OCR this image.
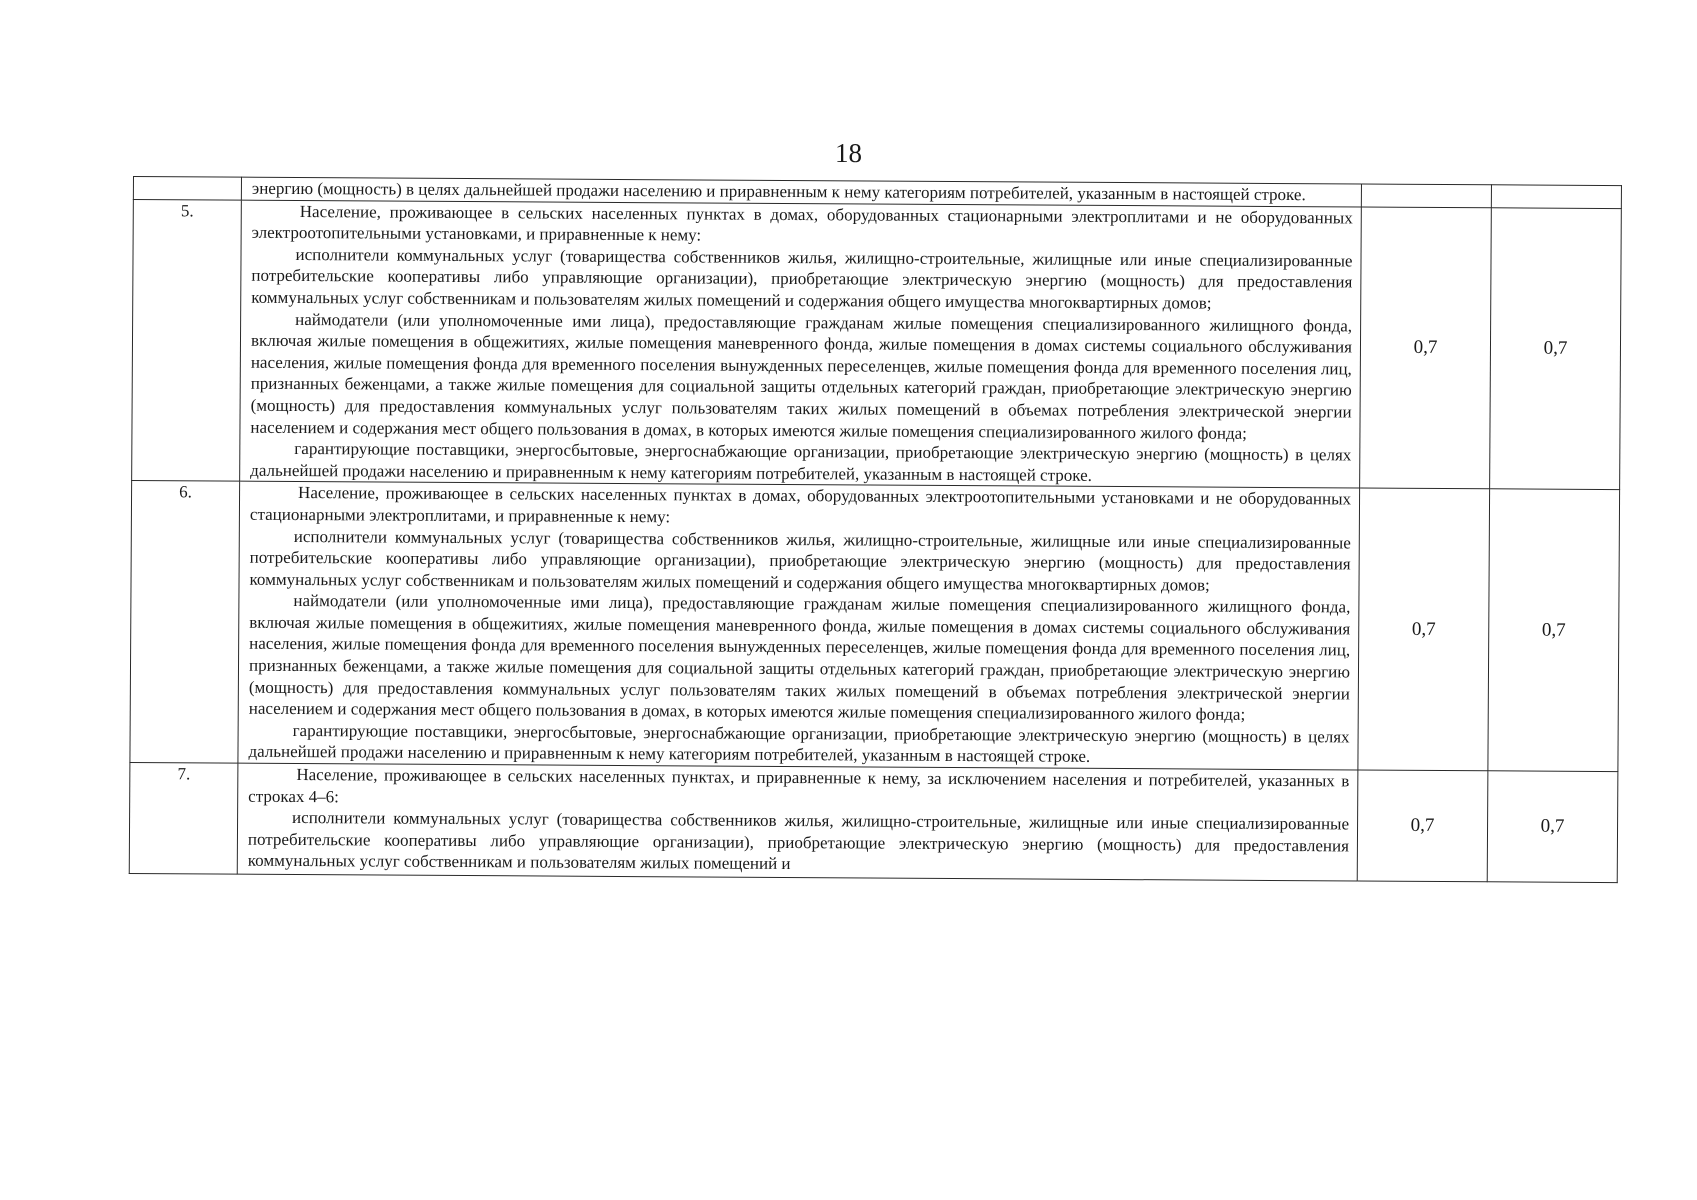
18

	энергию (мощность) в целях дальнейшей продажи населению и приравненным к нему категориям потребителей, указанным в настоящей строке.		

5.	Население, проживающее в сельских населенных пунктах в домах, оборудованных стационарными электроплитами и не оборудованных электроотопительными установками, и приравненные к нему:

исполнители коммунальных услуг (товарищества собственников жилья, жилищно-строительные, жилищные или иные специализированные потребительские кооперативы либо управляющие организации), приобретающие электрическую энергию (мощность) для предоставления коммунальных услуг собственникам и пользователям жилых помещений и содержания общего имущества многоквартирных домов;

наймодатели (или уполномоченные ими лица), предоставляющие гражданам жилые помещения специализированного жилищного фонда, включая жилые помещения в общежитиях, жилые помещения маневренного фонда, жилые помещения в домах системы социального обслуживания населения, жилые помещения фонда для временного поселения вынужденных переселенцев, жилые помещения фонда для временного поселения лиц, признанных беженцами, а также жилые помещения для социальной защиты отдельных категорий граждан, приобретающие электрическую энергию (мощность) для предоставления коммунальных услуг пользователям таких жилых помещений в объемах потребления электрической энергии населением и содержания мест общего пользования в домах, в которых имеются жилые помещения специализированного жилого фонда;

гарантирующие поставщики, энергосбытовые, энергоснабжающие организации, приобретающие электрическую энергию (мощность) в целях дальнейшей продажи населению и приравненным к нему категориям потребителей, указанным в настоящей строке.	0,7	0,7
6.	Население, проживающее в сельских населенных пунктах в домах, оборудованных электроотопительными установками и не оборудованных стационарными электроплитами, и приравненные к нему:

исполнители коммунальных услуг (товарищества собственников жилья, жилищно-строительные, жилищные или иные специализированные потребительские кооперативы либо управляющие организации), приобретающие электрическую энергию (мощность) для предоставления коммунальных услуг собственникам и пользователям жилых помещений и содержания общего имущества многоквартирных домов;

наймодатели (или уполномоченные ими лица), предоставляющие гражданам жилые помещения специализированного жилищного фонда, включая жилые помещения в общежитиях, жилые помещения маневренного фонда, жилые помещения в домах системы социального обслуживания населения, жилые помещения фонда для временного поселения вынужденных переселенцев, жилые помещения фонда для временного поселения лиц, признанных беженцами, а также жилые помещения для социальной защиты отдельных категорий граждан, приобретающие электрическую энергию (мощность) для предоставления коммунальных услуг пользователям таких жилых помещений в объемах потребления электрической энергии населением и содержания мест общего пользования в домах, в которых имеются жилые помещения специализированного жилого фонда;

гарантирующие поставщики, энергосбытовые, энергоснабжающие организации, приобретающие электрическую энергию (мощность) в целях дальнейшей продажи населению и приравненным к нему категориям потребителей, указанным в настоящей строке.	0,7	0,7
7.	Население, проживающее в сельских населенных пунктах, и приравненные к нему, за исключением населения и потребителей, указанных в строках 4–6:

исполнители коммунальных услуг (товарищества собственников жилья, жилищно-строительные, жилищные или иные специализированные потребительские кооперативы либо управляющие организации), приобретающие электрическую энергию (мощность) для предоставления коммунальных услуг собственникам и пользователям жилых помещений и	0,7	0,7
